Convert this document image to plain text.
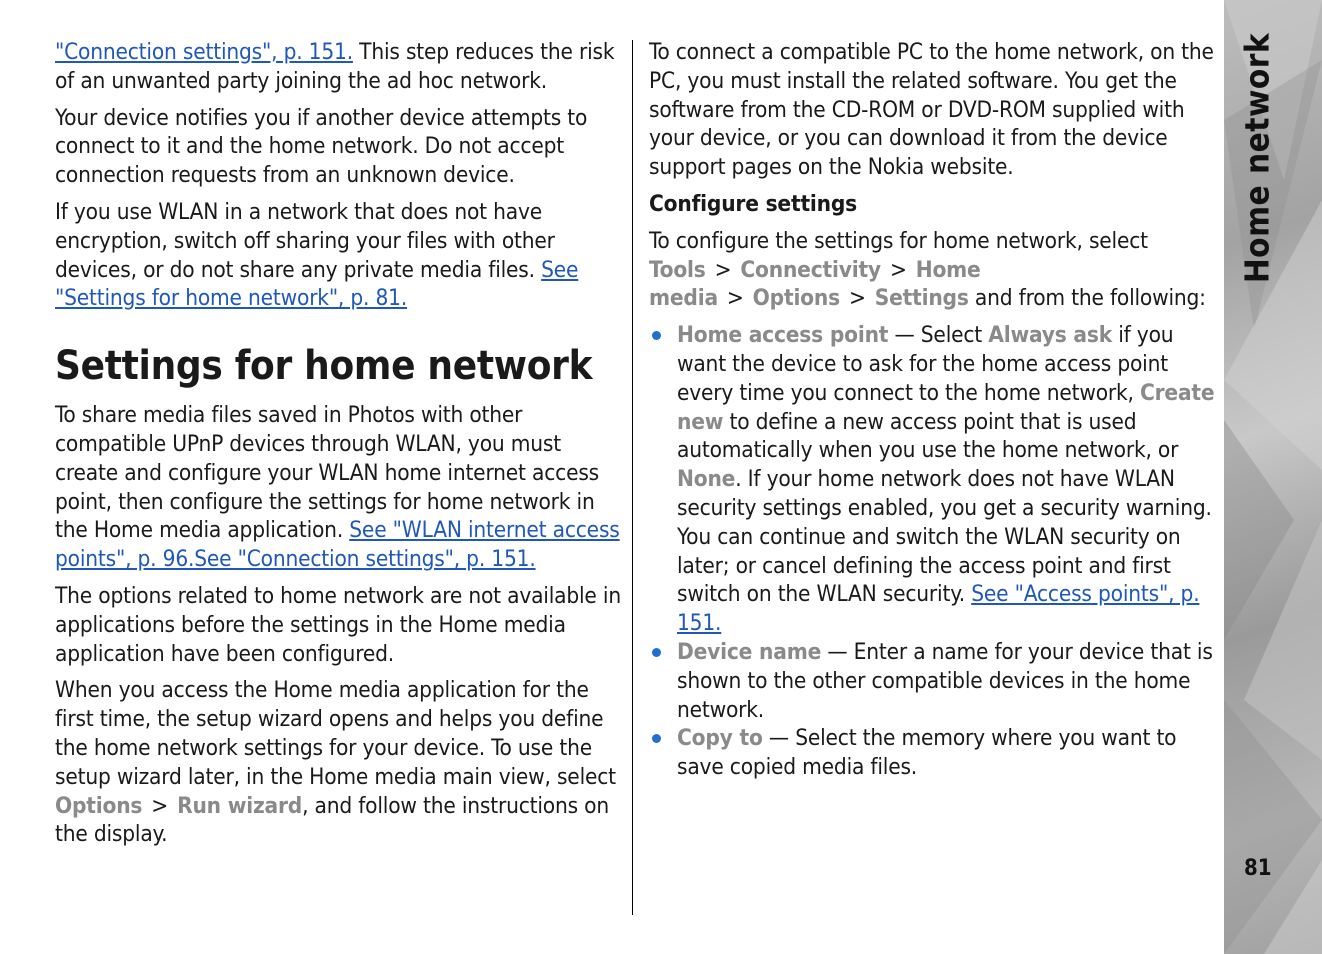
"Connection settings", p. 151. This step reduces the risk of an unwanted party joining the ad hoc network.

Your device notifies you if another device attempts to connect to it and the home network. Do not accept connection requests from an unknown device.

If you use WLAN in a network that does not have encryption, switch off sharing your files with other devices, or do not share any private media files. See "Settings for home network", p. 81.

Settings for home network

To share media files saved in Photos with other compatible UPnP devices through WLAN, you must create and configure your WLAN home internet access point, then configure the settings for home network in the Home media application. See "WLAN internet access points", p. 96.See "Connection settings", p. 151.

The options related to home network are not available in applications before the settings in the Home media application have been configured.

When you access the Home media application for the first time, the setup wizard opens and helps you define the home network settings for your device. To use the setup wizard later, in the Home media main view, select Options > Run wizard, and follow the instructions on the display.

To connect a compatible PC to the home network, on the PC, you must install the related software. You get the software from the CD-ROM or DVD-ROM supplied with your device, or you can download it from the device support pages on the Nokia website.

Configure settings

To configure the settings for home network, select Tools > Connectivity > Home media > Options > Settings and from the following:

Home access point — Select Always ask if you want the device to ask for the home access point every time you connect to the home network, Create new to define a new access point that is used automatically when you use the home network, or None. If your home network does not have WLAN security settings enabled, you get a security warning. You can continue and switch the WLAN security on later; or cancel defining the access point and first switch on the WLAN security. See "Access points", p. 151.
Device name — Enter a name for your device that is shown to the other compatible devices in the home network.
Copy to — Select the memory where you want to save copied media files.
Home network
81
